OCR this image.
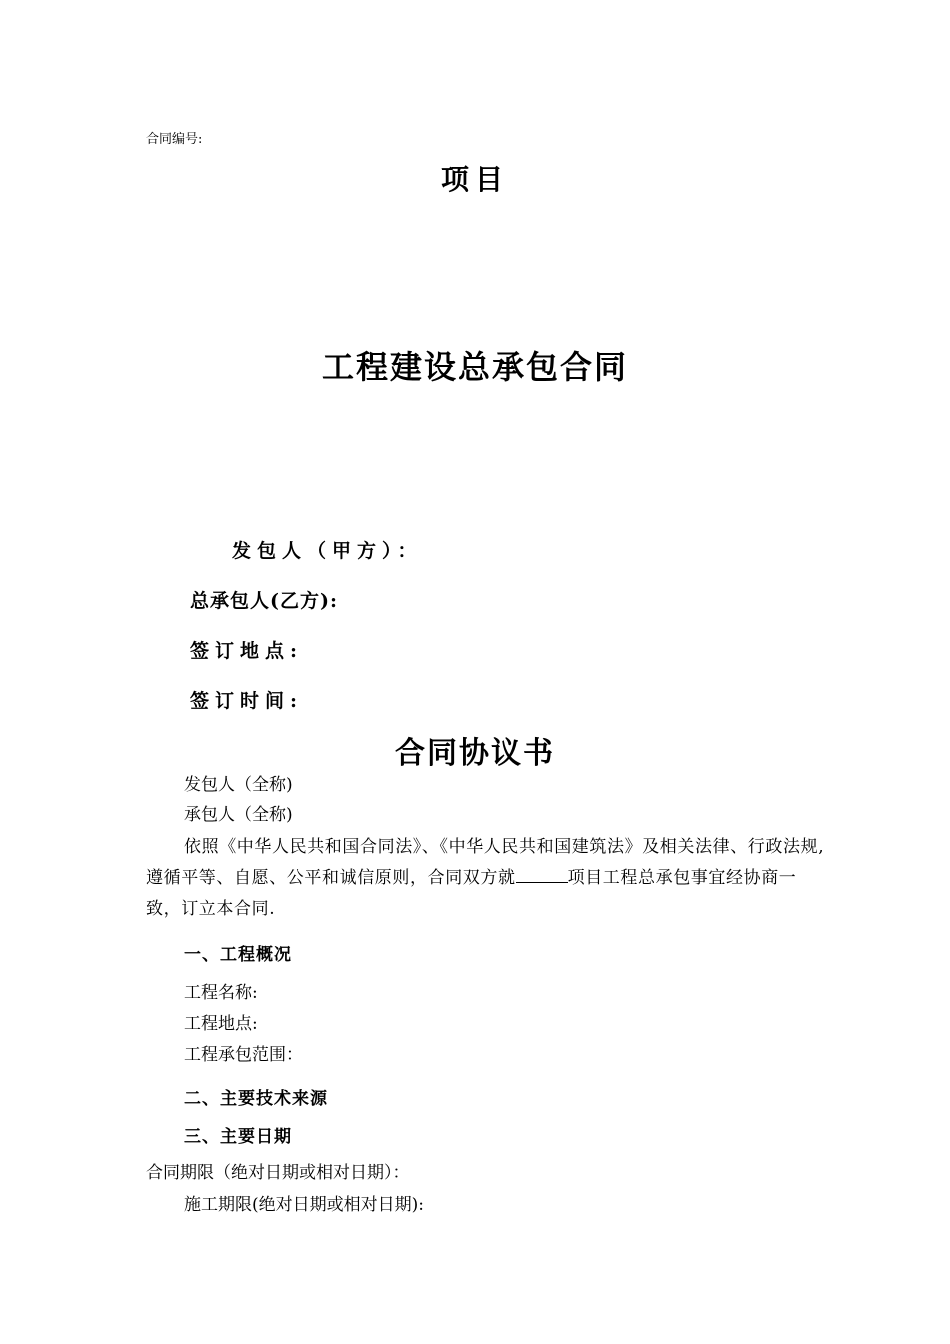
合同编号:

项目
工程建设总承包合同

发包人（甲方）：

总承包人(乙方):

签订地点:

签订时间:

合同协议书

发包人（全称)

承包人（全称)

依照《中华人民共和国合同法》、《中华人民共和国建筑法》及相关法律、行政法规,遵循平等、自愿、公平和诚信原则，合同双方就	项目工程总承包事宜经协商一致，订立本合同.

一、工程概况

工程名称:

工程地点:

工程承包范围：

二、主要技术来源

三、主要日期

合同期限（绝对日期或相对日期）：

施工期限(绝对日期或相对日期):
